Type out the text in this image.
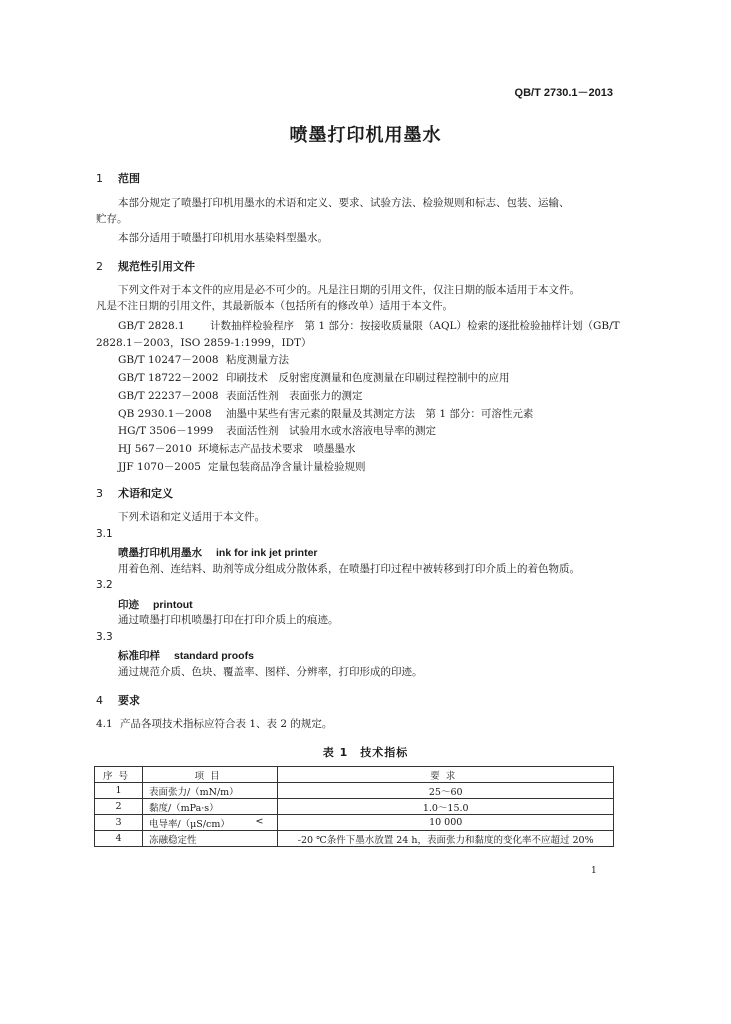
QB/T 2730.1－2013
喷墨打印机用墨水
1 范围
本部分规定了喷墨打印机用墨水的术语和定义、要求、试验方法、检验规则和标志、包装、运输、
贮存。
本部分适用于喷墨打印机用水基染料型墨水。
2 规范性引用文件
下列文件对于本文件的应用是必不可少的。凡是注日期的引用文件，仅注日期的版本适用于本文件。
凡是不注日期的引用文件，其最新版本（包括所有的修改单）适用于本文件。
GB/T 2828.1 计数抽样检验程序　第 1 部分：按接收质量限（AQL）检索的逐批检验抽样计划（GB/T
2828.1－2003，ISO 2859-1:1999，IDT）
GB/T 10247－2008 粘度测量方法
GB/T 18722－2002 印刷技术　反射密度测量和色度测量在印刷过程控制中的应用
GB/T 22237－2008 表面活性剂　表面张力的测定
QB 2930.1－2008 油墨中某些有害元素的限量及其测定方法　第 1 部分：可溶性元素
HG/T 3506－1999 表面活性剂　试验用水或水溶液电导率的测定
HJ 567－2010 环境标志产品技术要求　喷墨墨水
JJF 1070－2005 定量包装商品净含量计量检验规则
3 术语和定义
下列术语和定义适用于本文件。
3.1
喷墨打印机用墨水 ink for ink jet printer
用着色剂、连结料、助剂等成分组成分散体系，在喷墨打印过程中被转移到打印介质上的着色物质。
3.2
印迹 printout
通过喷墨打印机喷墨打印在打印介质上的痕迹。
3.3
标准印样 standard proofs
通过规范介质、色块、覆盖率、图样、分辨率，打印形成的印迹。
4 要求
4.1 产品各项技术指标应符合表 1、表 2 的规定。
表 1　技术指标
序号	项目	要求
1	表面张力/（mN/m）	25～60
2	黏度/（mPa·s）	1.0～15.0
3	电导率/（μS/cm） <	10 000
4	冻融稳定性	-20 ℃条件下墨水放置 24 h，表面张力和黏度的变化率不应超过 20%
1
